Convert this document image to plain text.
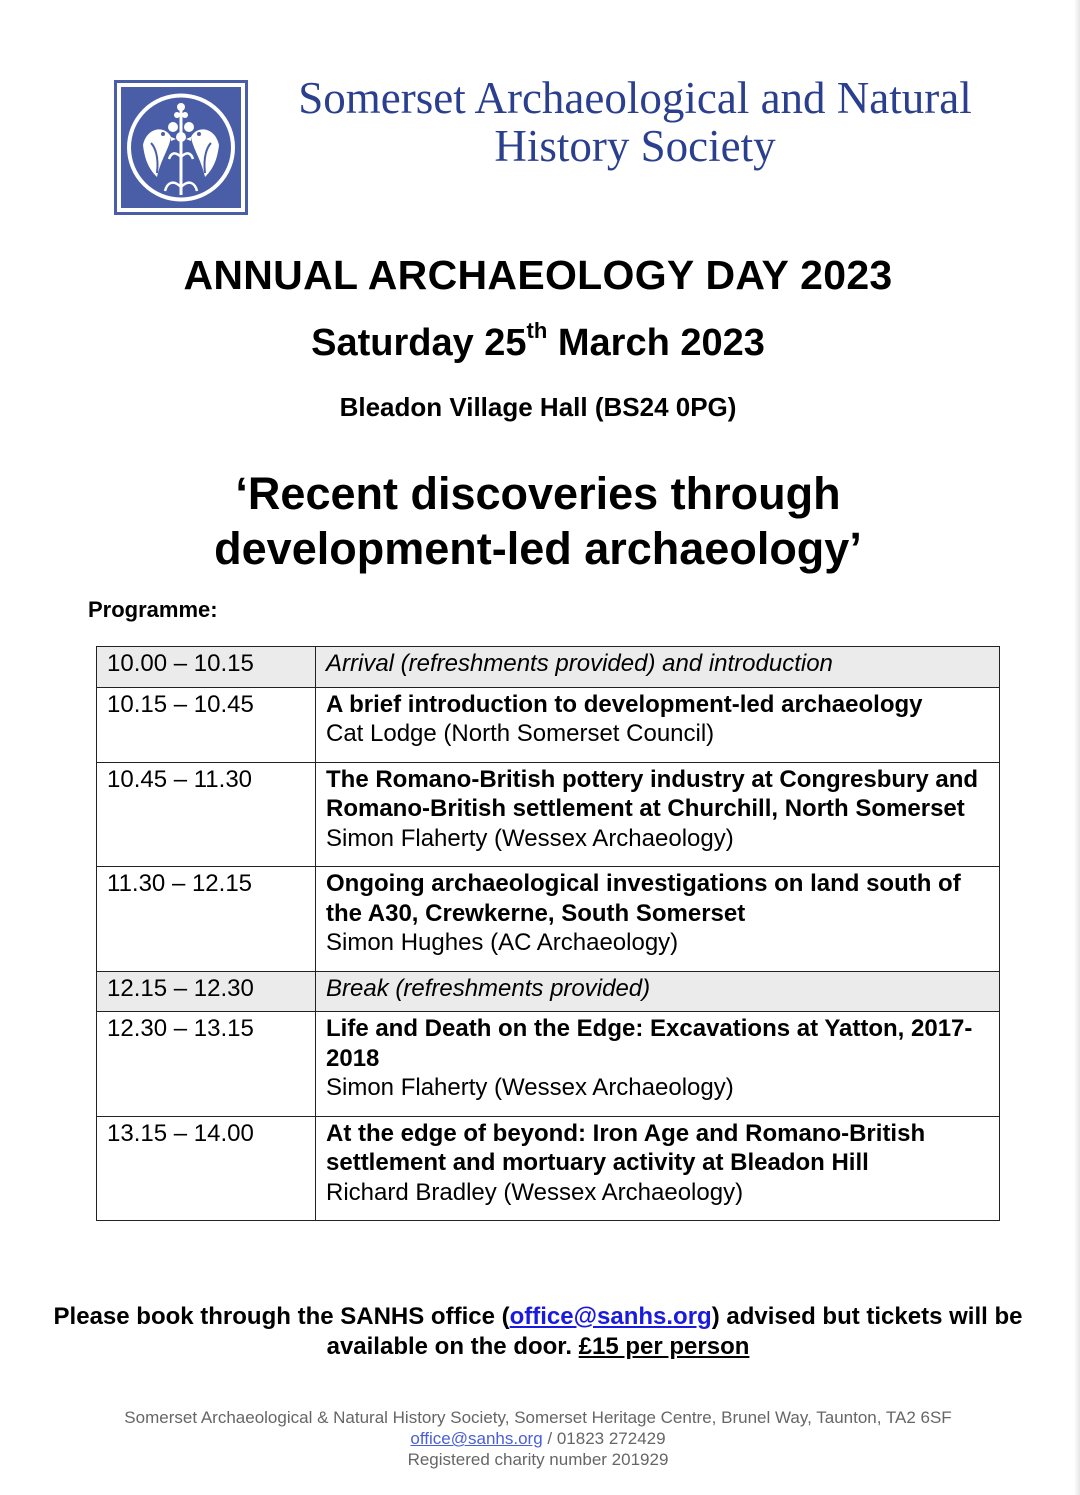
Somerset Archaeological and Natural
History Society
ANNUAL ARCHAEOLOGY DAY 2023
Saturday 25th March 2023
Bleadon Village Hall (BS24 0PG)
‘Recent discoveries through
development-led archaeology’
Programme:
10.00 – 10.15	Arrival (refreshments provided) and introduction

10.15 – 10.45	A brief introduction to development-led archaeology
Cat Lodge (North Somerset Council)

10.45 – 11.30	The Romano-British pottery industry at Congresbury and Romano-British settlement at Churchill, North Somerset
Simon Flaherty (Wessex Archaeology)

11.30 – 12.15	Ongoing archaeological investigations on land south of the A30, Crewkerne, South Somerset
Simon Hughes (AC Archaeology)

12.15 – 12.30	Break (refreshments provided)

12.30 – 13.15	Life and Death on the Edge: Excavations at Yatton, 2017-2018
Simon Flaherty (Wessex Archaeology)

13.15 – 14.00	At the edge of beyond: Iron Age and Romano-British settlement and mortuary activity at Bleadon Hill
Richard Bradley (Wessex Archaeology)
Please book through the SANHS office (office@sanhs.org) advised but tickets will be available on the door. £15 per person
Somerset Archaeological & Natural History Society, Somerset Heritage Centre, Brunel Way, Taunton, TA2 6SF
office@sanhs.org / 01823 272429
Registered charity number 201929
